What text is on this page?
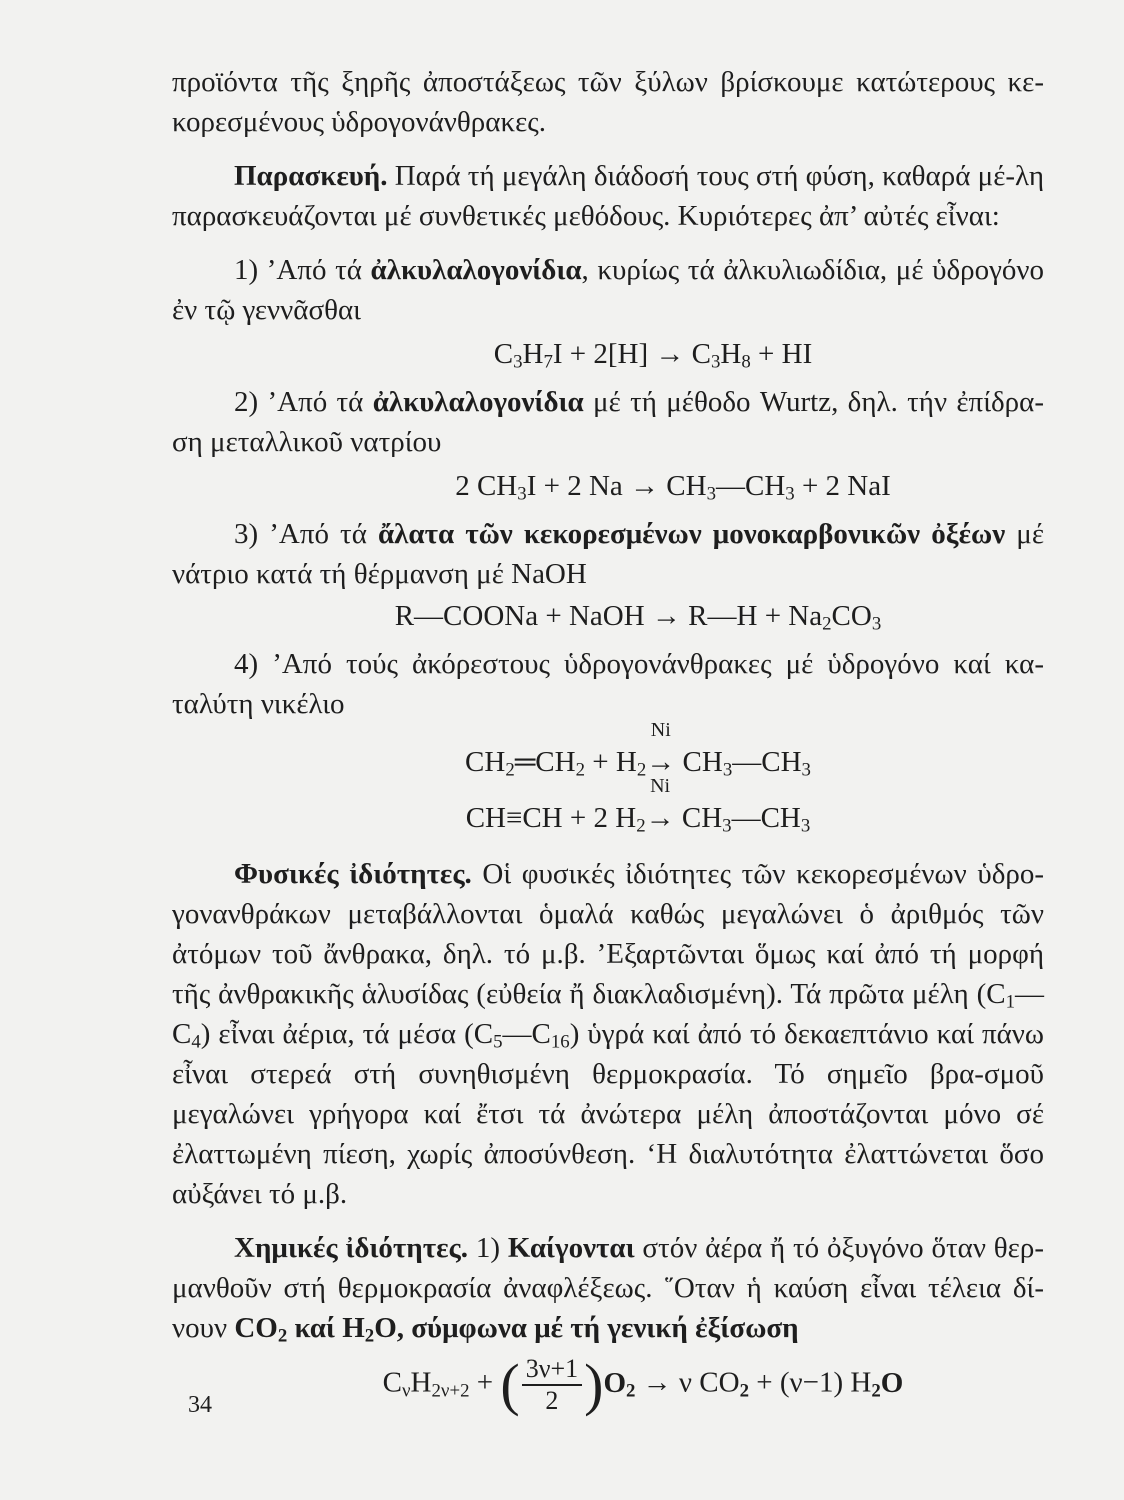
προϊόντα τῆς ξηρῆς ἀποστάξεως τῶν ξύλων βρίσκουμε κατώτερους κε-κορεσμένους ὑδρογονάνθρακες.

Παρασκευή. Παρά τή μεγάλη διάδοσή τους στή φύση, καθαρά μέ-λη παρασκευάζονται μέ συνθετικές μεθόδους. Κυριότερες ἀπ’ αὐτές εἶναι:

1) ’Από τά ἀλκυλαλογονίδια, κυρίως τά ἀλκυλιωδίδια, μέ ὑδρογόνο ἐν τῷ γεννᾶσθαι

$C_3H_7I + 2[H] \to C_3H_8$ + HI

2) ’Από τά ἀλκυλαλογονίδια μέ τή μέθοδο Wurtz, δηλ. τήν ἐπίδρα-ση μεταλλικοῦ νατρίου

2 $CH_3I + 2$ $Na \to CH_3—CH_3 + 2$ NaI

3) ’Από τά ἄλατα τῶν κεκορεσμένων μονοκαρβονικῶν ὀξέων μέ νάτριο κατά τή θέρμανση μέ NaOH

R—COONa + NaOH → R—H + $Na_2CO_3$

4) ’Από τούς ἀκόρεστους ὑδρογονάνθρακες μέ ὑδρογόνο καί κα-ταλύτη νικέλιο

$CH_2═CH_2 + H_2$
Ni
→ $CH_3—CH_3$
CH≡CH + 2 $H_2$
Ni
→ $CH_3—CH_3$

Φυσικές ἰδιότητες. Οἱ φυσικές ἰδιότητες τῶν κεκορεσμένων ὑδρο-γονανθράκων μεταβάλλονται ὁμαλά καθώς μεγαλώνει ὁ ἀριθμός τῶν ἀτόμων τοῦ ἄνθρακα, δηλ. τό μ.β. ’Εξαρτῶνται ὅμως καί ἀπό τή μορφή τῆς ἀνθρακικῆς ἁλυσίδας (εὐθεία ἤ διακλαδισμένη). Τά πρῶτα μέλη $(C_1—C_4)$ εἶναι ἀέρια, τά μέσα $(C_5—C_{16})$ ὑγρά καί ἀπό τό δεκαεπτάνιο καί πάνω εἶναι στερεά στή συνηθισμένη θερμοκρασία. Τό σημεῖο βρα-σμοῦ μεγαλώνει γρήγορα καί ἔτσι τά ἀνώτερα μέλη ἀποστάζονται μόνο σέ ἐλαττωμένη πίεση, χωρίς ἀποσύνθεση. ‘Η διαλυτότητα ἐλαττώνεται ὅσο αὐξάνει τό μ.β.

Χημικές ἰδιότητες. 1) Καίγονται στόν ἀέρα ἤ τό ὀξυγόνο ὅταν θερ-μανθοῦν στή θερμοκρασία ἀναφλέξεως. ῞Οταν ἡ καύση εἶναι τέλεια δί-νουν $CO_2$ καί $H_2O$, σύμφωνα μέ τή γενική ἐξίσωση

$C_\nu H_{2\nu+2}$ + ( $\frac{3\nu+1}{2} )O_2 \to \nu$ $CO_2 + (\nu-1)$ $H_2O$
34
